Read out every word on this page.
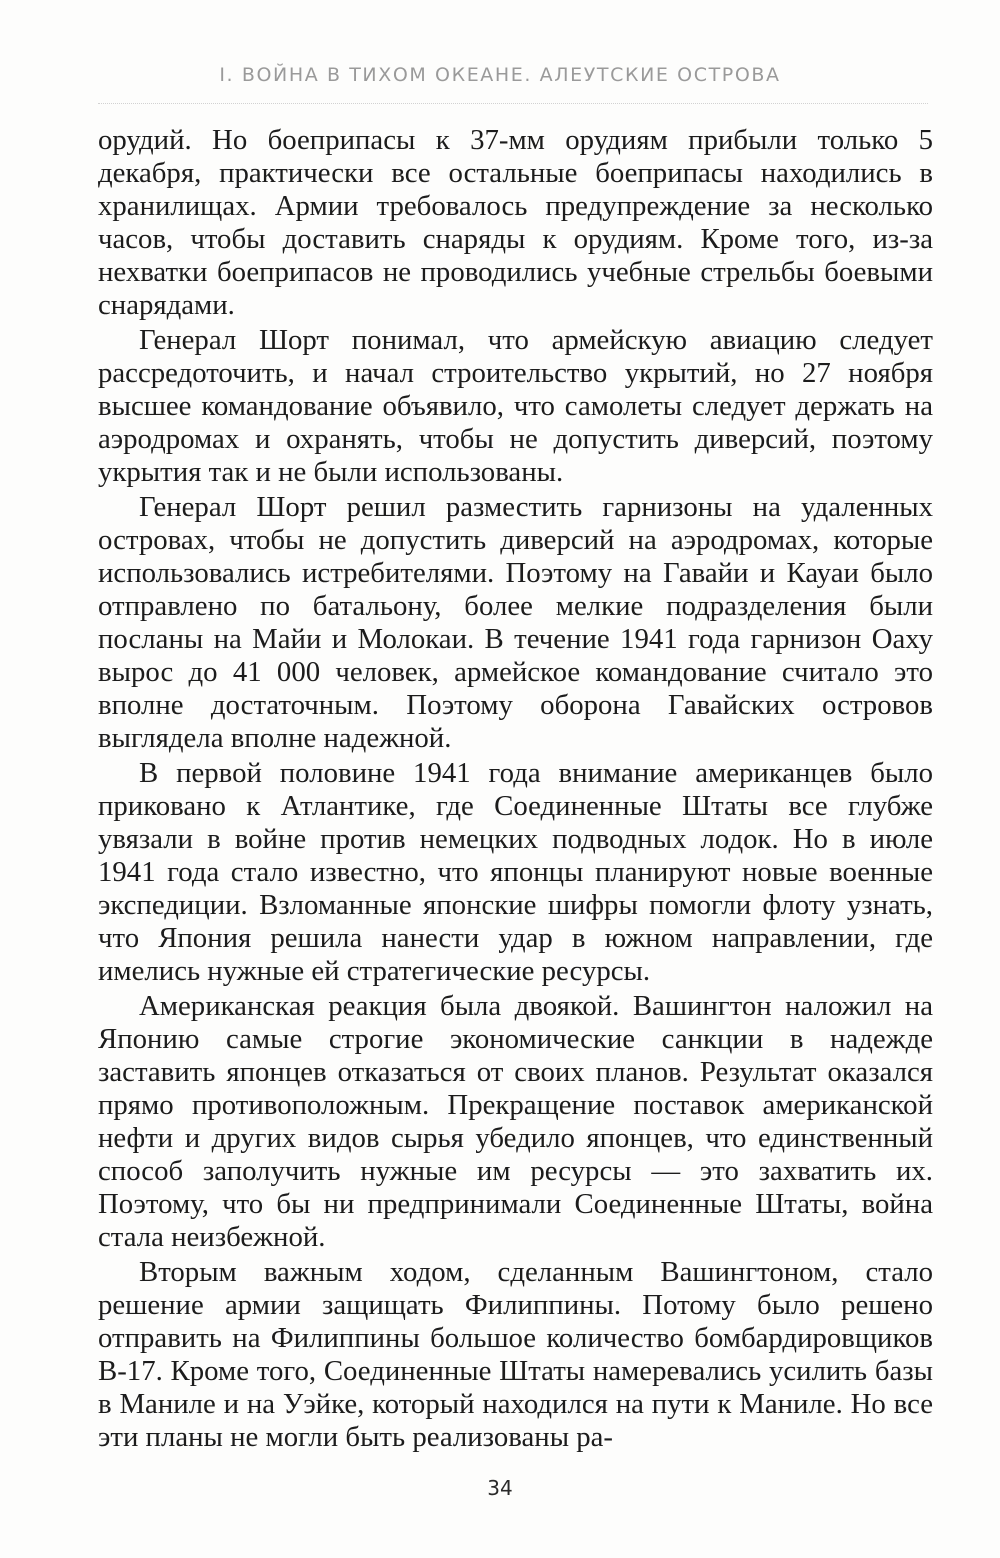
I. ВОЙНА В ТИХОМ ОКЕАНЕ. АЛЕУТСКИЕ ОСТРОВА

орудий. Но боеприпасы к 37-мм орудиям прибыли только 5 декабря, практически все остальные боеприпасы находились в хранилищах. Армии требовалось предупреждение за несколько часов, чтобы доставить снаряды к орудиям. Кроме того, из-за нехватки боеприпасов не проводились учебные стрельбы боевыми снарядами.

Генерал Шорт понимал, что армейскую авиацию следует рассредоточить, и начал строительство укрытий, но 27 ноября высшее командование объявило, что самолеты следует держать на аэродромах и охранять, чтобы не допустить диверсий, поэтому укрытия так и не были использованы.

Генерал Шорт решил разместить гарнизоны на удаленных островах, чтобы не допустить диверсий на аэродромах, которые использовались истребителями. Поэтому на Гавайи и Кауаи было отправлено по батальону, более мелкие подразделения были посланы на Майи и Молокаи. В течение 1941 года гарнизон Оаху вырос до 41 000 человек, армейское командование считало это вполне достаточным. Поэтому оборона Гавайских островов выглядела вполне надежной.

В первой половине 1941 года внимание американцев было приковано к Атлантике, где Соединенные Штаты все глубже увязали в войне против немецких подводных лодок. Но в июле 1941 года стало известно, что японцы планируют новые военные экспедиции. Взломанные японские шифры помогли флоту узнать, что Япония решила нанести удар в южном направлении, где имелись нужные ей стратегические ресурсы.

Американская реакция была двоякой. Вашингтон наложил на Японию самые строгие экономические санкции в надежде заставить японцев отказаться от своих планов. Результат оказался прямо противоположным. Прекращение поставок американской нефти и других видов сырья убедило японцев, что единственный способ заполучить нужные им ресурсы — это захватить их. Поэтому, что бы ни предпринимали Соединенные Штаты, война стала неизбежной.

Вторым важным ходом, сделанным Вашингтоном, стало решение армии защищать Филиппины. Потому было решено отправить на Филиппины большое количество бомбардировщиков B-17. Кроме того, Соединенные Штаты намеревались усилить базы в Маниле и на Уэйке, который находился на пути к Маниле. Но все эти планы не могли быть реализованы ра-

34
